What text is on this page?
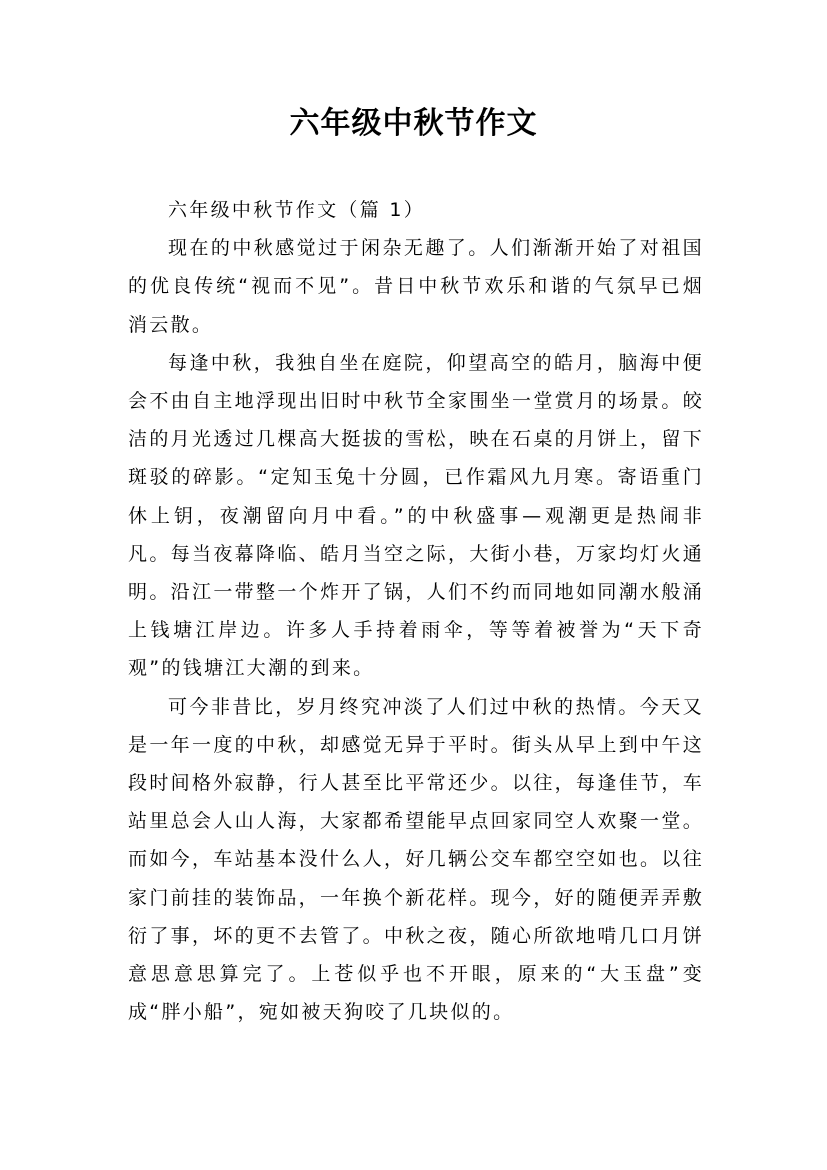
六年级中秋节作文

六年级中秋节作文（篇 1）

现在的中秋感觉过于闲杂无趣了。人们渐渐开始了对祖国的优良传统“视而不见”。昔日中秋节欢乐和谐的气氛早已烟消云散。

每逢中秋，我独自坐在庭院，仰望高空的皓月，脑海中便会不由自主地浮现出旧时中秋节全家围坐一堂赏月的场景。皎洁的月光透过几棵高大挺拔的雪松，映在石桌的月饼上，留下斑驳的碎影。“定知玉兔十分圆，已作霜风九月寒。寄语重门休上钥，夜潮留向月中看。”的中秋盛事—观潮更是热闹非凡。每当夜幕降临、皓月当空之际，大街小巷，万家均灯火通明。沿江一带整一个炸开了锅，人们不约而同地如同潮水般涌上钱塘江岸边。许多人手持着雨伞，等等着被誉为“天下奇观”的钱塘江大潮的到来。

可今非昔比，岁月终究冲淡了人们过中秋的热情。今天又是一年一度的中秋，却感觉无异于平时。街头从早上到中午这段时间格外寂静，行人甚至比平常还少。以往，每逢佳节，车站里总会人山人海，大家都希望能早点回家同空人欢聚一堂。而如今，车站基本没什么人，好几辆公交车都空空如也。以往家门前挂的装饰品，一年换个新花样。现今，好的随便弄弄敷衍了事，坏的更不去管了。中秋之夜，随心所欲地啃几口月饼意思意思算完了。上苍似乎也不开眼，原来的“大玉盘”变成“胖小船”，宛如被天狗咬了几块似的。
